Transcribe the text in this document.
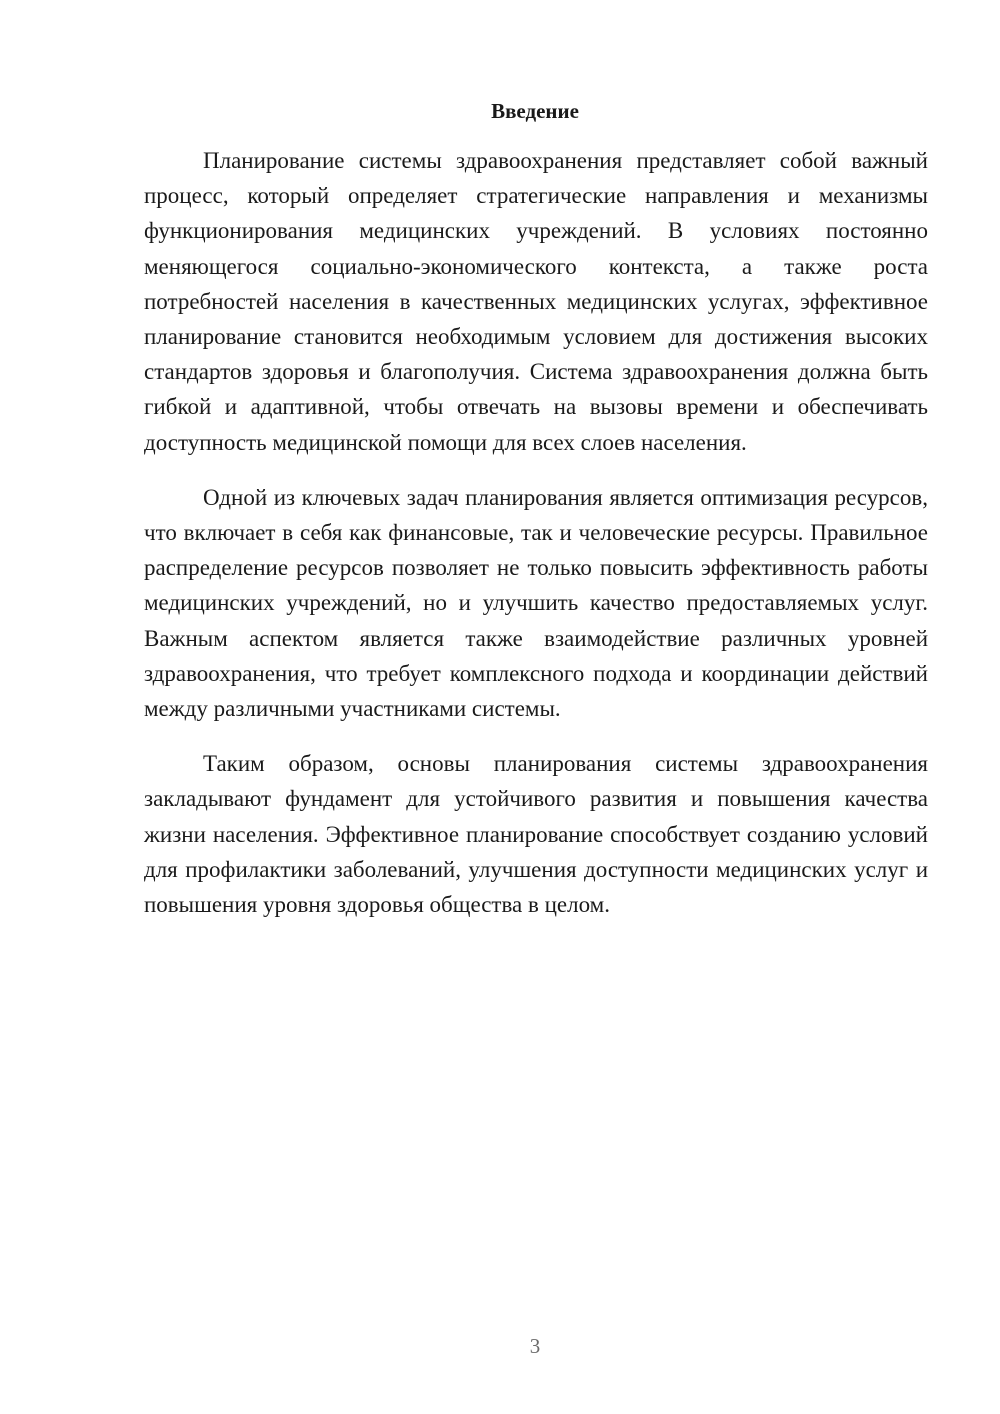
Введение

Планирование системы здравоохранения представляет собой важный процесс, который определяет стратегические направления и механизмы функционирования медицинских учреждений. В условиях постоянно меняющегося социально-экономического контекста, а также роста потребностей населения в качественных медицинских услугах, эффективное планирование становится необходимым условием для достижения высоких стандартов здоровья и благополучия. Система здравоохранения должна быть гибкой и адаптивной, чтобы отвечать на вызовы времени и обеспечивать доступность медицинской помощи для всех слоев населения.

Одной из ключевых задач планирования является оптимизация ресурсов, что включает в себя как финансовые, так и человеческие ресурсы. Правильное распределение ресурсов позволяет не только повысить эффективность работы медицинских учреждений, но и улучшить качество предоставляемых услуг. Важным аспектом является также взаимодействие различных уровней здравоохранения, что требует комплексного подхода и координации действий между различными участниками системы.

Таким образом, основы планирования системы здравоохранения закладывают фундамент для устойчивого развития и повышения качества жизни населения. Эффективное планирование способствует созданию условий для профилактики заболеваний, улучшения доступности медицинских услуг и повышения уровня здоровья общества в целом.

3
